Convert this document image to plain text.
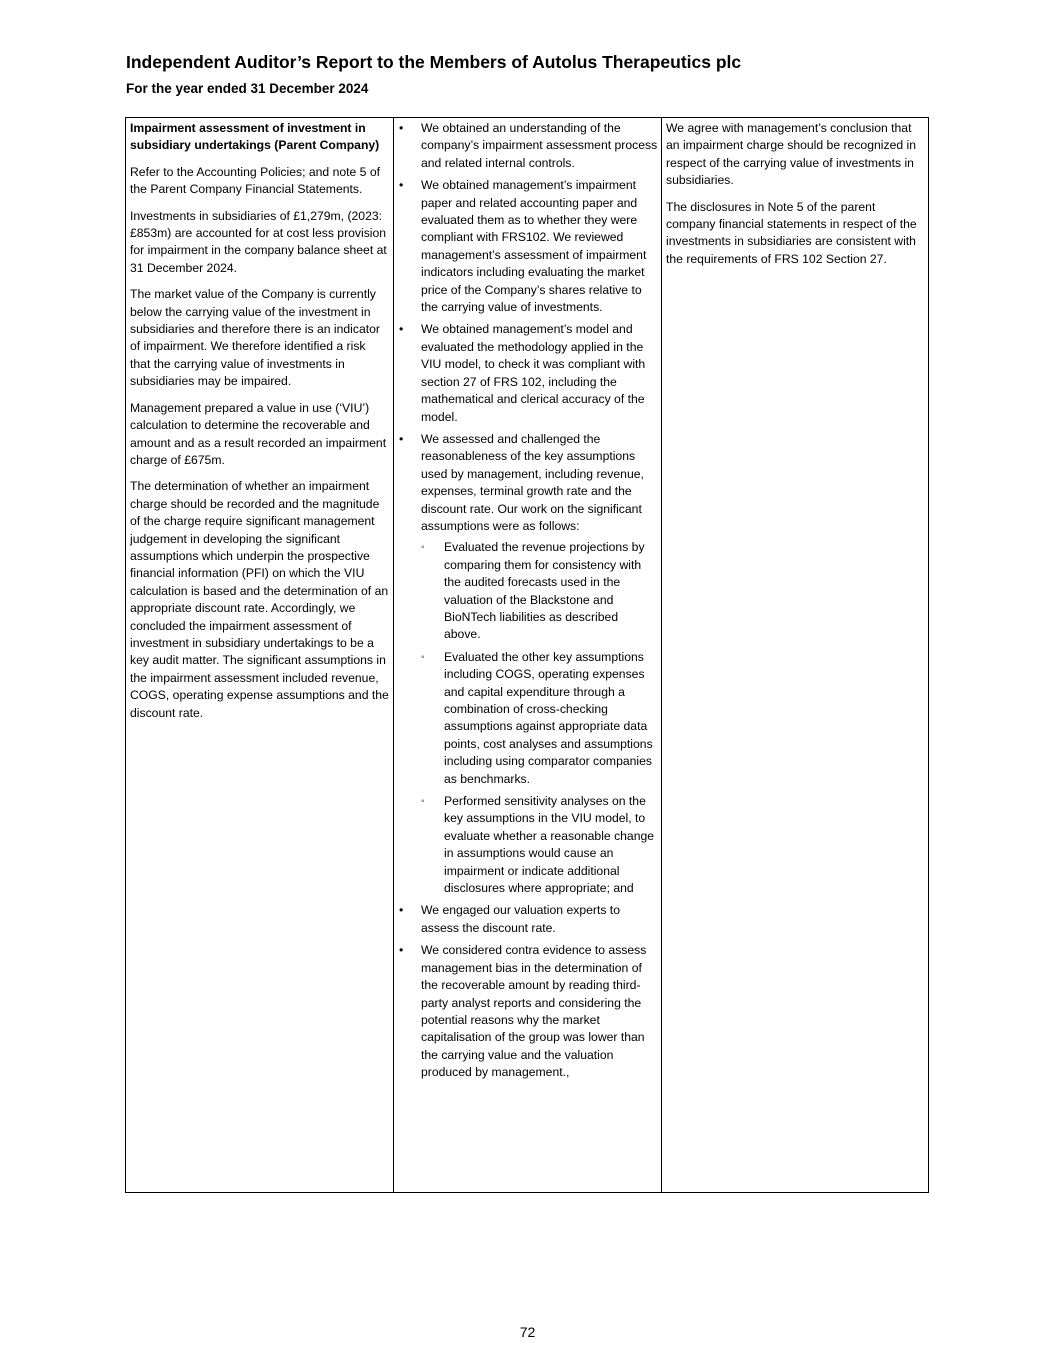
Independent Auditor’s Report to the Members of Autolus Therapeutics plc
For the year ended 31 December 2024

Impairment assessment of investment in subsidiary undertakings (Parent Company)

Refer to the Accounting Policies; and note 5 of the Parent Company Financial Statements.

Investments in subsidiaries of £1,279m, (2023: £853m) are accounted for at cost less provision for impairment in the company balance sheet at 31 December 2024.

The market value of the Company is currently below the carrying value of the investment in subsidiaries and therefore there is an indicator of impairment. We therefore identified a risk that the carrying value of investments in subsidiaries may be impaired.

Management prepared a value in use (‘VIU’) calculation to determine the recoverable and amount and as a result recorded an impairment charge of £675m.

The determination of whether an impairment charge should be recorded and the magnitude of the charge require significant management judgement in developing the significant assumptions which underpin the prospective financial information (PFI) on which the VIU calculation is based and the determination of an appropriate discount rate. Accordingly, we concluded the impairment assessment of investment in subsidiary undertakings to be a key audit matter. The significant assumptions in the impairment assessment included revenue, COGS, operating expense assumptions and the discount rate.

• We obtained an understanding of the company’s impairment assessment process and related internal controls.
• We obtained management’s impairment paper and related accounting paper and evaluated them as to whether they were compliant with FRS102. We reviewed management’s assessment of impairment indicators including evaluating the market price of the Company’s shares relative to the carrying value of investments.
• We obtained management’s model and evaluated the methodology applied in the VIU model, to check it was compliant with section 27 of FRS 102, including the mathematical and clerical accuracy of the model.
• We assessed and challenged the reasonableness of the key assumptions used by management, including revenue, expenses, terminal growth rate and the discount rate. Our work on the significant assumptions were as follows:
◦ Evaluated the revenue projections by comparing them for consistency with the audited forecasts used in the valuation of the Blackstone and BioNTech liabilities as described above.
◦ Evaluated the other key assumptions including COGS, operating expenses and capital expenditure through a combination of cross-checking assumptions against appropriate data points, cost analyses and assumptions including using comparator companies as benchmarks.
◦ Performed sensitivity analyses on the key assumptions in the VIU model, to evaluate whether a reasonable change in assumptions would cause an impairment or indicate additional disclosures where appropriate; and
• We engaged our valuation experts to assess the discount rate.
• We considered contra evidence to assess management bias in the determination of the recoverable amount by reading third-party analyst reports and considering the potential reasons why the market capitalisation of the group was lower than the carrying value and the valuation produced by management.,

We agree with management’s conclusion that an impairment charge should be recognized in respect of the carrying value of investments in subsidiaries.

The disclosures in Note 5 of the parent company financial statements in respect of the investments in subsidiaries are consistent with the requirements of FRS 102 Section 27.

72
